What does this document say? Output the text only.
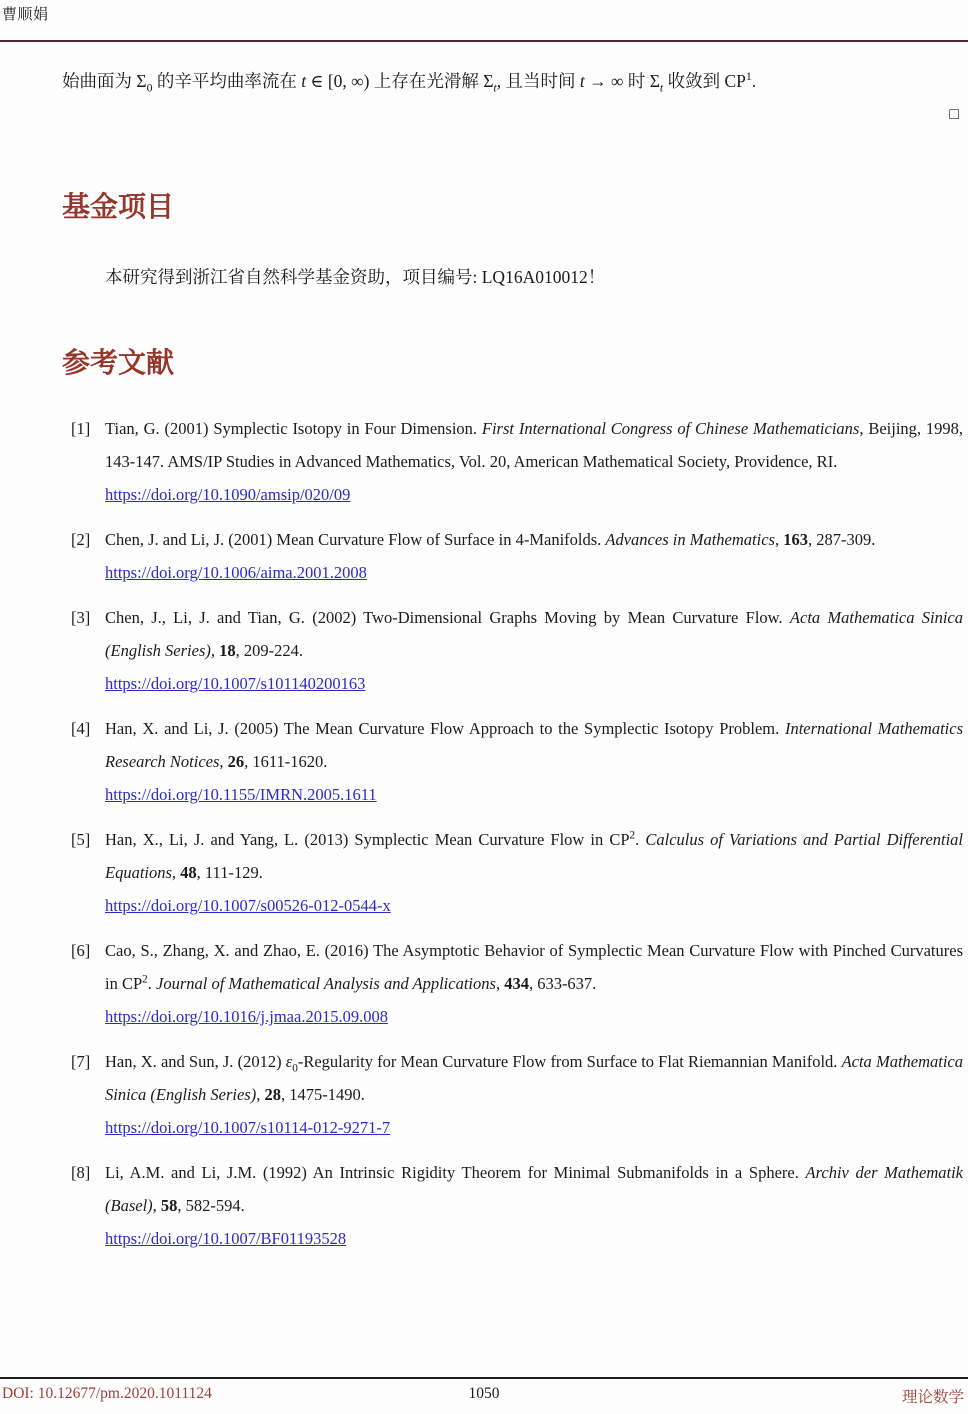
曹顺娟

始曲面为 $\Sigma_0$ 的辛平均曲率流在 t ∈ [0, ∞) 上存在光滑解 $\Sigma_t$, 且当时间 t → ∞ 时 $\Sigma_t$ 收敛到 $CP^1$.

□
基金项目

本研究得到浙江省自然科学基金资助，项目编号: LQ16A010012！

参考文献
[1] Tian, G. (2001) Symplectic Isotopy in Four Dimension. First International Congress of Chinese Mathematicians, Beijing, 1998, 143-147. AMS/IP Studies in Advanced Mathematics, Vol. 20, American Mathematical Society, Providence, RI.
https://doi.org/10.1090/amsip/020/09
[2] Chen, J. and Li, J. (2001) Mean Curvature Flow of Surface in 4-Manifolds. Advances in Mathematics, 163, 287-309.
https://doi.org/10.1006/aima.2001.2008
[3] Chen, J., Li, J. and Tian, G. (2002) Two-Dimensional Graphs Moving by Mean Curvature Flow. Acta Mathematica Sinica (English Series), 18, 209-224.
https://doi.org/10.1007/s101140200163
[4] Han, X. and Li, J. (2005) The Mean Curvature Flow Approach to the Symplectic Isotopy Problem. International Mathematics Research Notices, 26, 1611-1620.
https://doi.org/10.1155/IMRN.2005.1611
[5] Han, X., Li, J. and Yang, L. (2013) Symplectic Mean Curvature Flow in $CP^2$. Calculus of Variations and Partial Differential Equations, 48, 111-129.
https://doi.org/10.1007/s00526-012-0544-x
[6] Cao, S., Zhang, X. and Zhao, E. (2016) The Asymptotic Behavior of Symplectic Mean Curvature Flow with Pinched Curvatures in $CP^2$. Journal of Mathematical Analysis and Applications, 434, 633-637.
https://doi.org/10.1016/j.jmaa.2015.09.008
[7] Han, X. and Sun, J. (2012) $\varepsilon_0$-Regularity for Mean Curvature Flow from Surface to Flat Riemannian Manifold. Acta Mathematica Sinica (English Series), 28, 1475-1490.
https://doi.org/10.1007/s10114-012-9271-7
[8] Li, A.M. and Li, J.M. (1992) An Intrinsic Rigidity Theorem for Minimal Submanifolds in a Sphere. Archiv der Mathematik (Basel), 58, 582-594.
https://doi.org/10.1007/BF01193528
DOI: 10.12677/pm.2020.1011124	1050	理论数学
